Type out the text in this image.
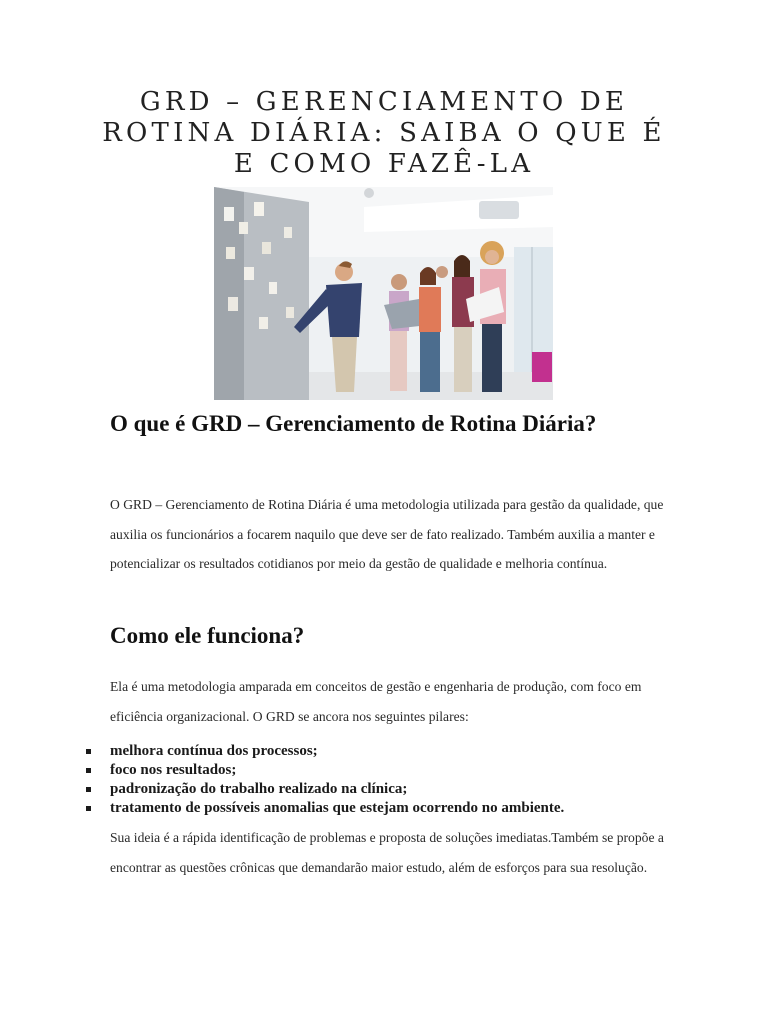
GRD – GERENCIAMENTO DE
ROTINA DIÁRIA: SAIBA O QUE É
E COMO FAZÊ-LA
O que é GRD – Gerenciamento de Rotina Diária?

O GRD – Gerenciamento de Rotina Diária é uma metodologia utilizada para gestão da qualidade, que auxilia os funcionários a focarem naquilo que deve ser de fato realizado. Também auxilia a manter e potencializar os resultados cotidianos por meio da gestão de qualidade e melhoria contínua.

Como ele funciona?

Ela é uma metodologia amparada em conceitos de gestão e engenharia de produção, com foco em eficiência organizacional. O GRD se ancora nos seguintes pilares:

melhora contínua dos processos;
foco nos resultados;
padronização do trabalho realizado na clínica;
tratamento de possíveis anomalias que estejam ocorrendo no ambiente.

Sua ideia é a rápida identificação de problemas e proposta de soluções imediatas.Também se propõe a encontrar as questões crônicas que demandarão maior estudo, além de esforços para sua resolução.
